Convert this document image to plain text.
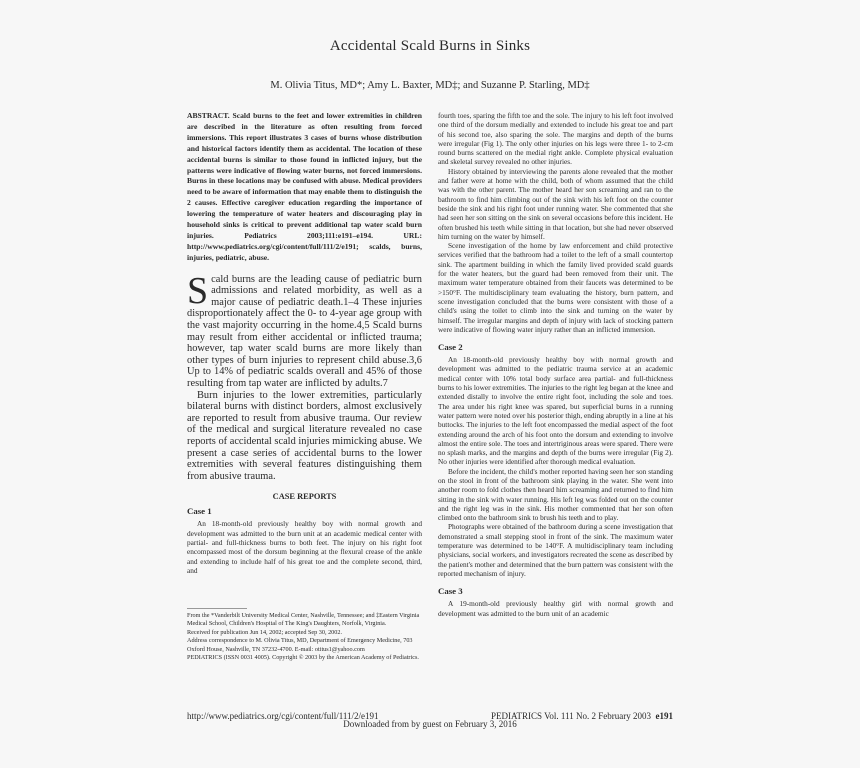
Accidental Scald Burns in Sinks
M. Olivia Titus, MD*; Amy L. Baxter, MD‡; and Suzanne P. Starling, MD‡

ABSTRACT. Scald burns to the feet and lower extremities in children are described in the literature as often resulting from forced immersions. This report illustrates 3 cases of burns whose distribution and historical factors identify them as accidental. The location of these accidental burns is similar to those found in inflicted injury, but the patterns were indicative of flowing water burns, not forced immersions. Burns in these locations may be confused with abuse. Medical providers need to be aware of information that may enable them to distinguish the 2 causes. Effective caregiver education regarding the importance of lowering the temperature of water heaters and discouraging play in household sinks is critical to prevent additional tap water scald burn injuries.	Pediatrics 2003;111:e191–e194. URL: http://www.pediatrics.org/cgi/content/full/111/2/e191; scalds, burns, injuries, pediatric, abuse.

Scald burns are the leading cause of pediatric burn admissions and related morbidity, as well as a major cause of pediatric death.1–4 These injuries disproportionately affect the 0- to 4-year age group with the vast majority occurring in the home.4,5 Scald burns may result from either accidental or inflicted trauma; however, tap water scald burns are more likely than other types of burn injuries to represent child abuse.3,6 Up to 14% of pediatric scalds overall and 45% of those resulting from tap water are inflicted by adults.7

Burn injuries to the lower extremities, particularly bilateral burns with distinct borders, almost exclusively are reported to result from abusive trauma. Our review of the medical and surgical literature revealed no case reports of accidental scald injuries mimicking abuse. We present a case series of accidental burns to the lower extremities with several features distinguishing them from abusive trauma.

CASE REPORTS
Case 1

An 18-month-old previously healthy boy with normal growth and development was admitted to the burn unit at an academic medical center with partial- and full-thickness burns to both feet. The injury on his right foot encompassed most of the dorsum beginning at the flexural crease of the ankle and extending to include half of his great toe and the complete second, third, and

fourth toes, sparing the fifth toe and the sole. The injury to his left foot involved one third of the dorsum medially and extended to include his great toe and part of his second toe, also sparing the sole. The margins and depth of the burns were irregular (Fig 1). The only other injuries on his legs were three 1- to 2-cm round burns scattered on the medial right ankle. Complete physical evaluation and skeletal survey revealed no other injuries.

History obtained by interviewing the parents alone revealed that the mother and father were at home with the child, both of whom assumed that the child was with the other parent. The mother heard her son screaming and ran to the bathroom to find him climbing out of the sink with his left foot on the counter beside the sink and his right foot under running water. She commented that she had seen her son sitting on the sink on several occasions before this incident. He often brushed his teeth while sitting in that location, but she had never observed him turning on the water by himself.

Scene investigation of the home by law enforcement and child protective services verified that the bathroom had a toilet to the left of a small countertop sink. The apartment building in which the family lived provided scald guards for the water heaters, but the guard had been removed from their unit. The maximum water temperature obtained from their faucets was determined to be >150°F. The multidisciplinary team evaluating the history, burn pattern, and scene investigation concluded that the burns were consistent with those of a child's using the toilet to climb into the sink and turning on the water by himself. The irregular margins and depth of injury with lack of stocking pattern were indicative of flowing water injury rather than an inflicted immersion.

Case 2

An 18-month-old previously healthy boy with normal growth and development was admitted to the pediatric trauma service at an academic medical center with 10% total body surface area partial- and full-thickness burns to his lower extremities. The injuries to the right leg began at the knee and extended distally to involve the entire right foot, including the sole and toes. The area under his right knee was spared, but superficial burns in a running water pattern were noted over his posterior thigh, ending abruptly in a line at his buttocks. The injuries to the left foot encompassed the medial aspect of the foot extending around the arch of his foot onto the dorsum and extending to involve almost the entire sole. The toes and intertriginous areas were spared. There were no splash marks, and the margins and depth of the burns were irregular (Fig 2). No other injuries were identified after thorough medical evaluation.

Before the incident, the child's mother reported having seen her son standing on the stool in front of the bathroom sink playing in the water. She went into another room to fold clothes then heard him screaming and returned to find him sitting in the sink with water running. His left leg was folded out on the counter and the right leg was in the sink. His mother commented that her son often climbed onto the bathroom sink to brush his teeth and to play.

Photographs were obtained of the bathroom during a scene investigation that demonstrated a small stepping stool in front of the sink. The maximum water temperature was determined to be 140°F. A multidisciplinary team including physicians, social workers, and investigators recreated the scene as described by the patient's mother and determined that the burn pattern was consistent with the reported mechanism of injury.

Case 3

A 19-month-old previously healthy girl with normal growth and development was admitted to the burn unit of an academic

From the *Vanderbilt University Medical Center, Nashville, Tennessee; and ‡Eastern Virginia Medical School, Children's Hospital of The King's Daughters, Norfolk, Virginia.

Received for publication Jun 14, 2002; accepted Sep 30, 2002.

Address correspondence to M. Olivia Titus, MD, Department of Emergency Medicine, 703 Oxford House, Nashville, TN 37232-4700. E-mail: otitus1@yahoo.com

PEDIATRICS (ISSN 0031 4005). Copyright © 2003 by the American Academy of Pediatrics.

http://www.pediatrics.org/cgi/content/full/111/2/e191	PEDIATRICS Vol. 111 No. 2 February 2003 e191
Downloaded from by guest on February 3, 2016
